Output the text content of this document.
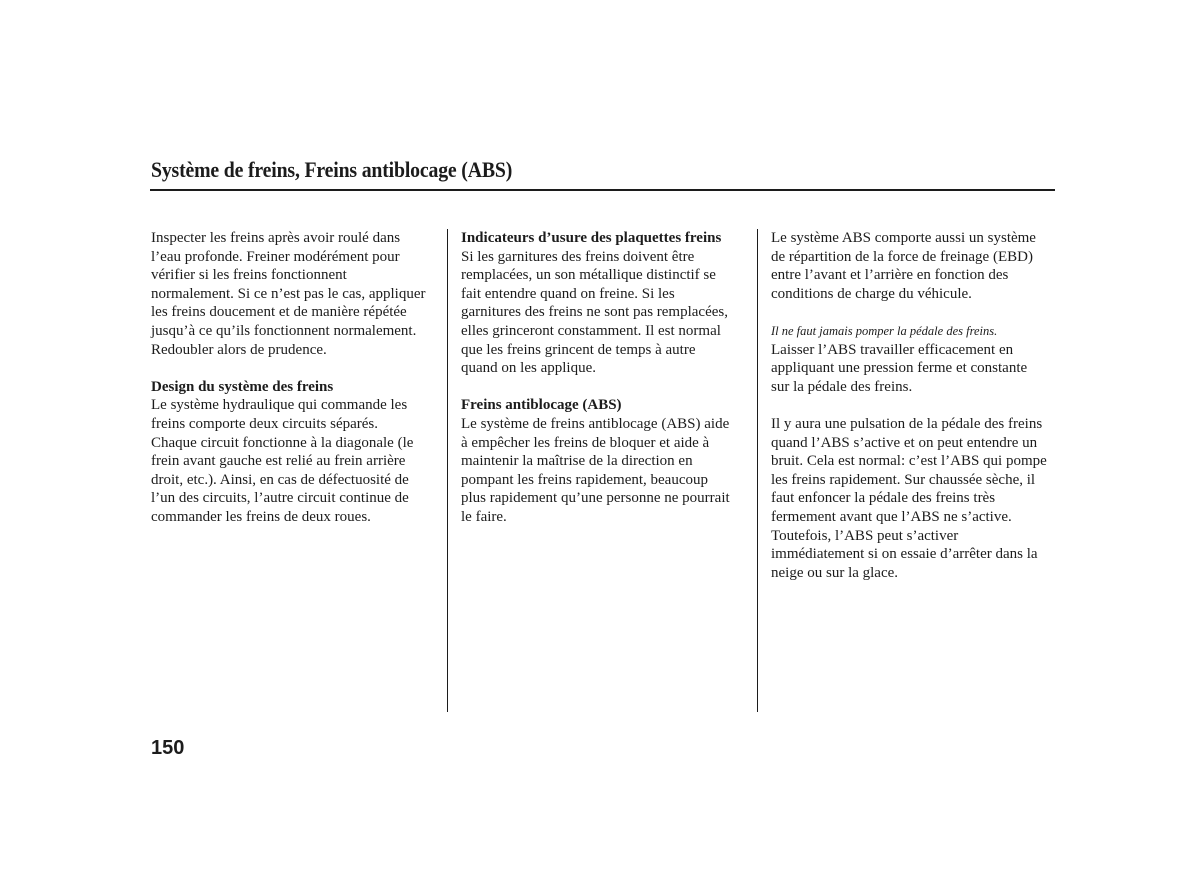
Système de freins, Freins antiblocage (ABS)

Inspecter les freins après avoir roulé dans

l’eau profonde. Freiner modérément pour

vérifier si les freins fonctionnent

normalement. Si ce n’est pas le cas, appliquer

les freins doucement et de manière répétée

jusqu’à ce qu’ils fonctionnent normalement.

Redoubler alors de prudence.

Design du système des freins

Le système hydraulique qui commande les

freins comporte deux circuits séparés.

Chaque circuit fonctionne à la diagonale (le

frein avant gauche est relié au frein arrière

droit, etc.). Ainsi, en cas de défectuosité de

l’un des circuits, l’autre circuit continue de

commander les freins de deux roues.

Indicateurs d’usure des plaquettes freins

Si les garnitures des freins doivent être

remplacées, un son métallique distinctif se

fait entendre quand on freine. Si les

garnitures des freins ne sont pas remplacées,

elles grinceront constamment. Il est normal

que les freins grincent de temps à autre

quand on les applique.

Freins antiblocage (ABS)

Le système de freins antiblocage (ABS) aide

à empêcher les freins de bloquer et aide à

maintenir la maîtrise de la direction en

pompant les freins rapidement, beaucoup

plus rapidement qu’une personne ne pourrait

le faire.

Le système ABS comporte aussi un système

de répartition de la force de freinage (EBD)

entre l’avant et l’arrière en fonction des

conditions de charge du véhicule.

Il ne faut jamais pomper la pédale des freins.

Laisser l’ABS travailler efficacement en

appliquant une pression ferme et constante

sur la pédale des freins.

Il y aura une pulsation de la pédale des freins

quand l’ABS s’active et on peut entendre un

bruit. Cela est normal: c’est l’ABS qui pompe

les freins rapidement. Sur chaussée sèche, il

faut enfoncer la pédale des freins très

fermement avant que l’ABS ne s’active.

Toutefois, l’ABS peut s’activer

immédiatement si on essaie d’arrêter dans la

neige ou sur la glace.

150
